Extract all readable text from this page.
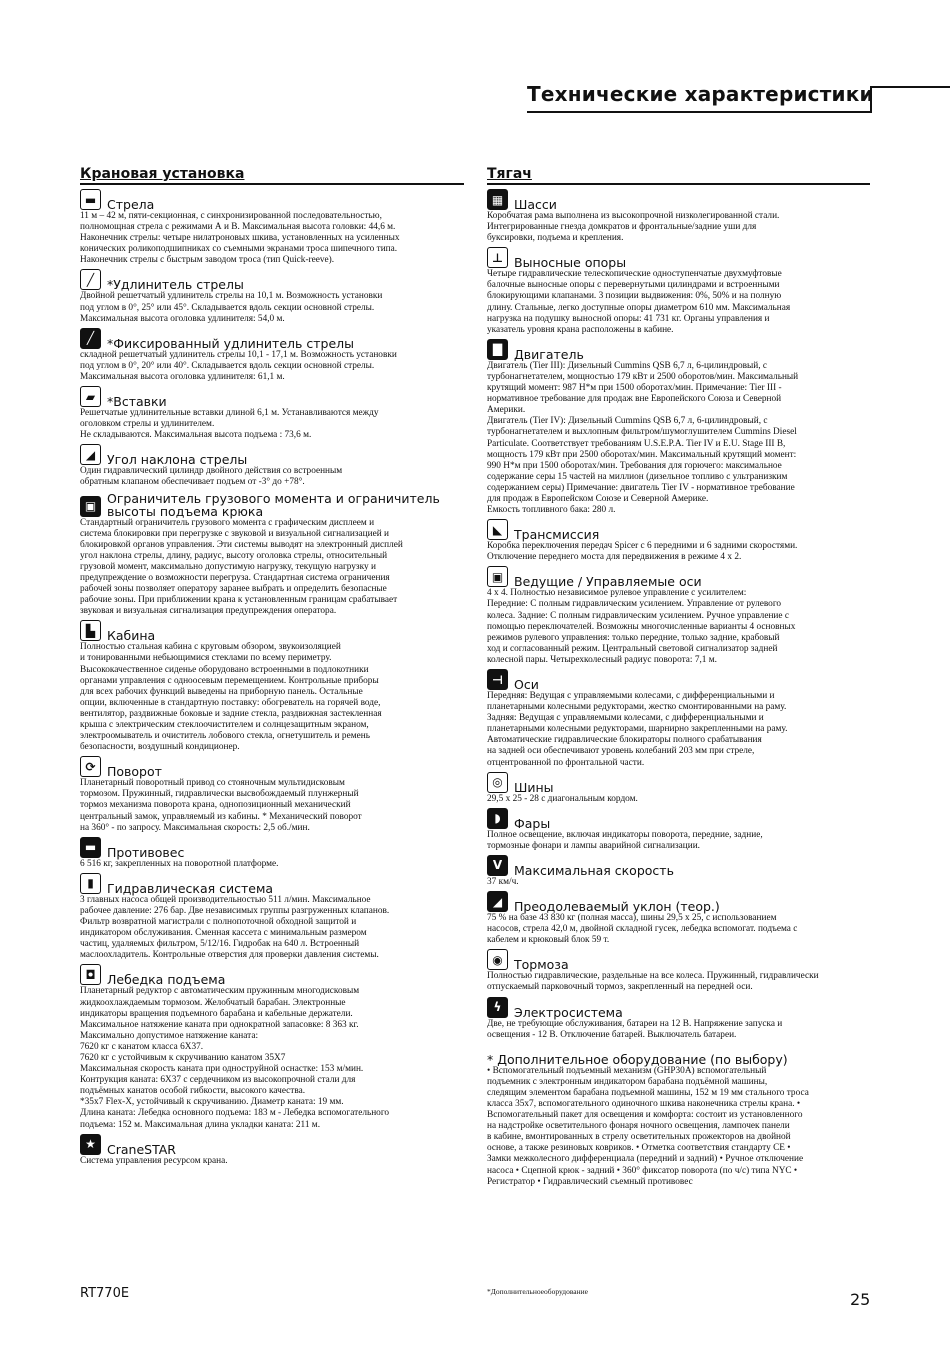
Технические характеристики
Крановая установка
▬ Стрела
11 м – 42 м, пяти-секционная, с синхронизированной последовательностью,
полномощная стрела с режимами А и В. Максимальная высота головки: 44,6 м.
Наконечник стрелы: четыре нилатроновых шкива, установленных на усиленных
конических роликоподшипниках со съемными экранами троса шипечного типа.
Наконечник стрелы с быстрым заводом троса (тип Quick-reeve).
╱	*Удлинитель стрелы
Двойной решетчатый удлинитель стрелы на 10,1 м. Возможность установки
под углом в 0°, 25° или 45°. Складывается вдоль секции основной стрелы.
Максимальная высота оголовка удлинителя: 54,0 м.
╱	*Фиксированный удлинитель стрелы
складной решетчатый удлинитель стрелы 10,1 - 17,1 м. Возможность установки
под углом в 0°, 20° или 40°. Складывается вдоль секции основной стрелы.
Максимальная высота оголовка удлинителя: 61,1 м.
▰ *Вставки
Решетчатые удлинительные вставки длиной 6,1 м. Устанавливаются между
оголовком стрелы и удлинителем.
Не складываются. Максимальная высота подъема : 73,6 м.
◢ Угол наклона стрелы
Один гидравлический цилиндр двойного действия со встроенным
обратным клапаном обеспечивает подъем от -3° до +78°.
▣
Ограничитель грузового момента и ограничитель
высоты подъема крюка
Стандартный ограничитель грузового момента с графическим дисплеем и
система блокировки при перегрузке с звуковой и визуальной сигнализацией и
блокировкой органов управления. Эти системы выводят на электронный дисплей
угол наклона стрелы, длину, радиус, высоту оголовка стрелы, относительный
грузовой момент, максимально допустимую нагрузку, текущую нагрузку и
предупреждение о возможности перегруза. Стандартная система ограничения
рабочей зоны позволяет оператору заранее выбрать и определить безопасные
рабочие зоны. При приближении крана к установленным границам срабатывает
звуковая и визуальная сигнализация предупреждения оператора.
▙ Кабина
Полностью стальная кабина с круговым обзором, звукоизоляцией
и тонированными небьющимися стеклами по всему периметру.
Высококачественное сиденье оборудовано встроенными в подлокотники
органами управления с одноосевым перемещением. Контрольные приборы
для всех рабочих функций выведены на приборную панель. Остальные
опции, включенные в стандартную поставку: обогреватель на горячей воде,
вентилятор, раздвижные боковые и задние стекла, раздвижная застекленная
крыша с электрическим стеклоочистителем и солнцезащитным экраном,
электроомыватель и очиститель лобового стекла, огнетушитель и ремень
безопасности, воздушный кондиционер.
⟳ Поворот
Планетарный поворотный привод со стояночным мультидисковым
тормозом. Пружинный, гидравлически высвобождаемый плунжерный
тормоз механизма поворота крана, однопозиционный механический
центральный замок, управляемый из кабины. * Механический поворот
на 360° - по запросу. Максимальная скорость: 2,5 об./мин.
▬ Противовес
6 516 кг, закрепленных на поворотной платформе.
▮	Гидравлическая система
3 главных насоса общей производительностью 511 л/мин. Максимальное
рабочее давление: 276 бар. Две независимых группы разгруженных клапанов.
Фильтр возвратной магистрали с полнопоточной обходной защитой и
индикатором обслуживания. Сменная кассета с минимальным размером
частиц, удаляемых фильтром, 5/12/16. Гидробак на 640 л. Встроенный
маслоохладитель. Контрольные отверстия для проверки давления системы.
◘ Лебедка подъема
Планетарный редуктор с автоматическим пружинным многодисковым
жидкоохлаждаемым тормозом. Желобчатый барабан. Электронные
индикаторы вращения подъемного барабана и кабельные держатели.
Максимальное натяжение каната при однократной запасовке: 8 363 кг.
Максимально допустимое натяжение каната:
7620 кг с канатом класса 6X37.
7620 кг с устойчивым к скручиванию канатом 35X7
Максимальная скорость каната при одноструйной оснастке: 153 м/мин.
Контрукция каната: 6X37 с сердечником из высокопрочной стали для
подъёмных канатов особой гибкости, высокого качества.
*35x7 Flex-X, устойчивый к скручиванию. Диаметр каната: 19 мм.
Длина каната: Лебедка основного подъема: 183 м - Лебедка вспомогательного
подъема: 152 м. Максимальная длина укладки каната: 211 м.
★ CraneSTAR
Система управления ресурсом крана.
Тягач
▦ Шасси
Коробчатая рама выполнена из высокопрочной низколегированной стали.
Интегрированные гнезда домкратов и фронтальные/задние уши для
буксировки, подъема и крепления.
⊥ Выносные опоры
Четыре гидравлические телескопические одноступенчатые двухмуфтовые
балочные выносные опоры с перевернутыми цилиндрами и встроенными
блокирующими клапанами. 3 позиции выдвижения: 0%, 50% и на полную
длину. Стальные, легко доступные опоры диаметром 610 мм. Максимальная
нагрузка на подушку выносной опоры: 41 731 кг. Органы управления и
указатель уровня крана расположены в кабине.
▇ Двигатель
Двигатель (Tier III): Дизельный Cummins QSB 6,7 л, 6-цилиндровый, с
турбонагнетателем, мощностью 179 кВт и 2500 оборотов/мин. Максимальный
крутящий момент: 987 Н*м при 1500 оборотах/мин. Примечание: Tier III -
нормативное требование для продаж вне Европейского Союза и Северной
Америки.
Двигатель (Tier IV): Дизельный Cummins QSB 6,7 л, 6-цилиндровый, с
турбонагнетателем и выхлопным фильтром/шумоглушителем Cummins Diesel
Particulate. Соответствует требованиям U.S.E.P.A. Tier IV и E.U. Stage III B,
мощность 179 кВт при 2500 оборотах/мин. Максимальный крутящий момент:
990 Н*м при 1500 оборотах/мин. Требования для горючего: максимальное
содержание серы 15 частей на миллион (дизельное топливо с ультранизким
содержанием серы) Примечание: двигатель Tier IV - нормативное требование
для продаж в Европейском Союзе и Северной Америке.
Емкость топливного бака: 280 л.
◣ Трансмиссия
Коробка переключения передач Spicer с 6 передними и 6 задними скоростями.
Отключение переднего моста для передвижения в режиме 4 x 2.
▣ Ведущие / Управляемые оси
4 x 4. Полностью независимое рулевое управление с усилителем:
Передние: С полным гидравлическим усилением. Управление от рулевого
колеса. Задние: С полным гидравлическим усилением. Ручное управление с
помощью переключателей. Возможны многочисленные варианты 4 основных
режимов рулевого управления: только передние, только задние, крабовый
ход и согласованный режим. Центральный световой сигнализатор задней
колесной пары. Четырехколесный радиус поворота: 7,1 м.
⊣ Оси
Передняя: Ведущая с управляемыми колесами, с дифференциальными и
планетарными колесными редукторами, жестко смонтированными на раму.
Задняя: Ведущая с управляемыми колесами, с дифференциальными и
планетарными колесными редукторами, шарнирно закрепленными на раму.
Автоматические гидравлические блокираторы полного срабатывания
на задней оси обеспечивают уровень колебаний 203 мм при стреле,
отцентрованной по фронтальной части.
◎ Шины
29,5 x 25 - 28 с диагональным кордом.
◗	Фары
Полное освещение, включая индикаторы поворота, передние, задние,
тормозные фонари и лампы аварийной сигнализации.
V Максимальная скорость
37 км/ч.
◢ Преодолеваемый уклон (теор.)
75 % на базе 43 830 кг (полная масса), шины 29,5 x 25, с использованием
насосов, стрела 42,0 м, двойной складной гусек, лебедка вспомогат. подъема с
кабелем и крюковый блок 59 т.
◉ Тормоза
Полностью гидравлические, раздельные на все колеса. Пружинный, гидравлически
отпускаемый парковочный тормоз, закрепленный на передней оси.
ϟ	Электросистема
Две, не требующие обслуживания, батареи на 12 В. Напряжение запуска и
освещения - 12 В. Отключение батарей. Выключатель батареи.
* Дополнительное оборудование (по выбору)
• Вспомогательный подъемный механизм (GHP30A) вспомогательный
подъемник с электронным индикатором барабана подъёмной машины,
следящим элементом барабана подъемной машины, 152 м 19 мм стального троса
класса 35x7, вспомогательного одиночного шкива наконечника стрелы крана. •
Вспомогательный пакет для освещения и комфорта: состоит из установленного
на надстройке осветительного фонаря ночного освещения, лампочек панели
в кабине, вмонтированных в стрелу осветительных прожекторов на двойной
основе, а также резиновых ковриков. • Отметка соответствия стандарту CE •
Замки межколесного дифференциала (передний и задний) • Ручное отключение
насоса • Сцепной крюк - задний • 360° фиксатор поворота (по ч/с) типа NYC •
Регистратор • Гидравлический съемный противовес
RT770E	*Дополнительноеоборудование	25
